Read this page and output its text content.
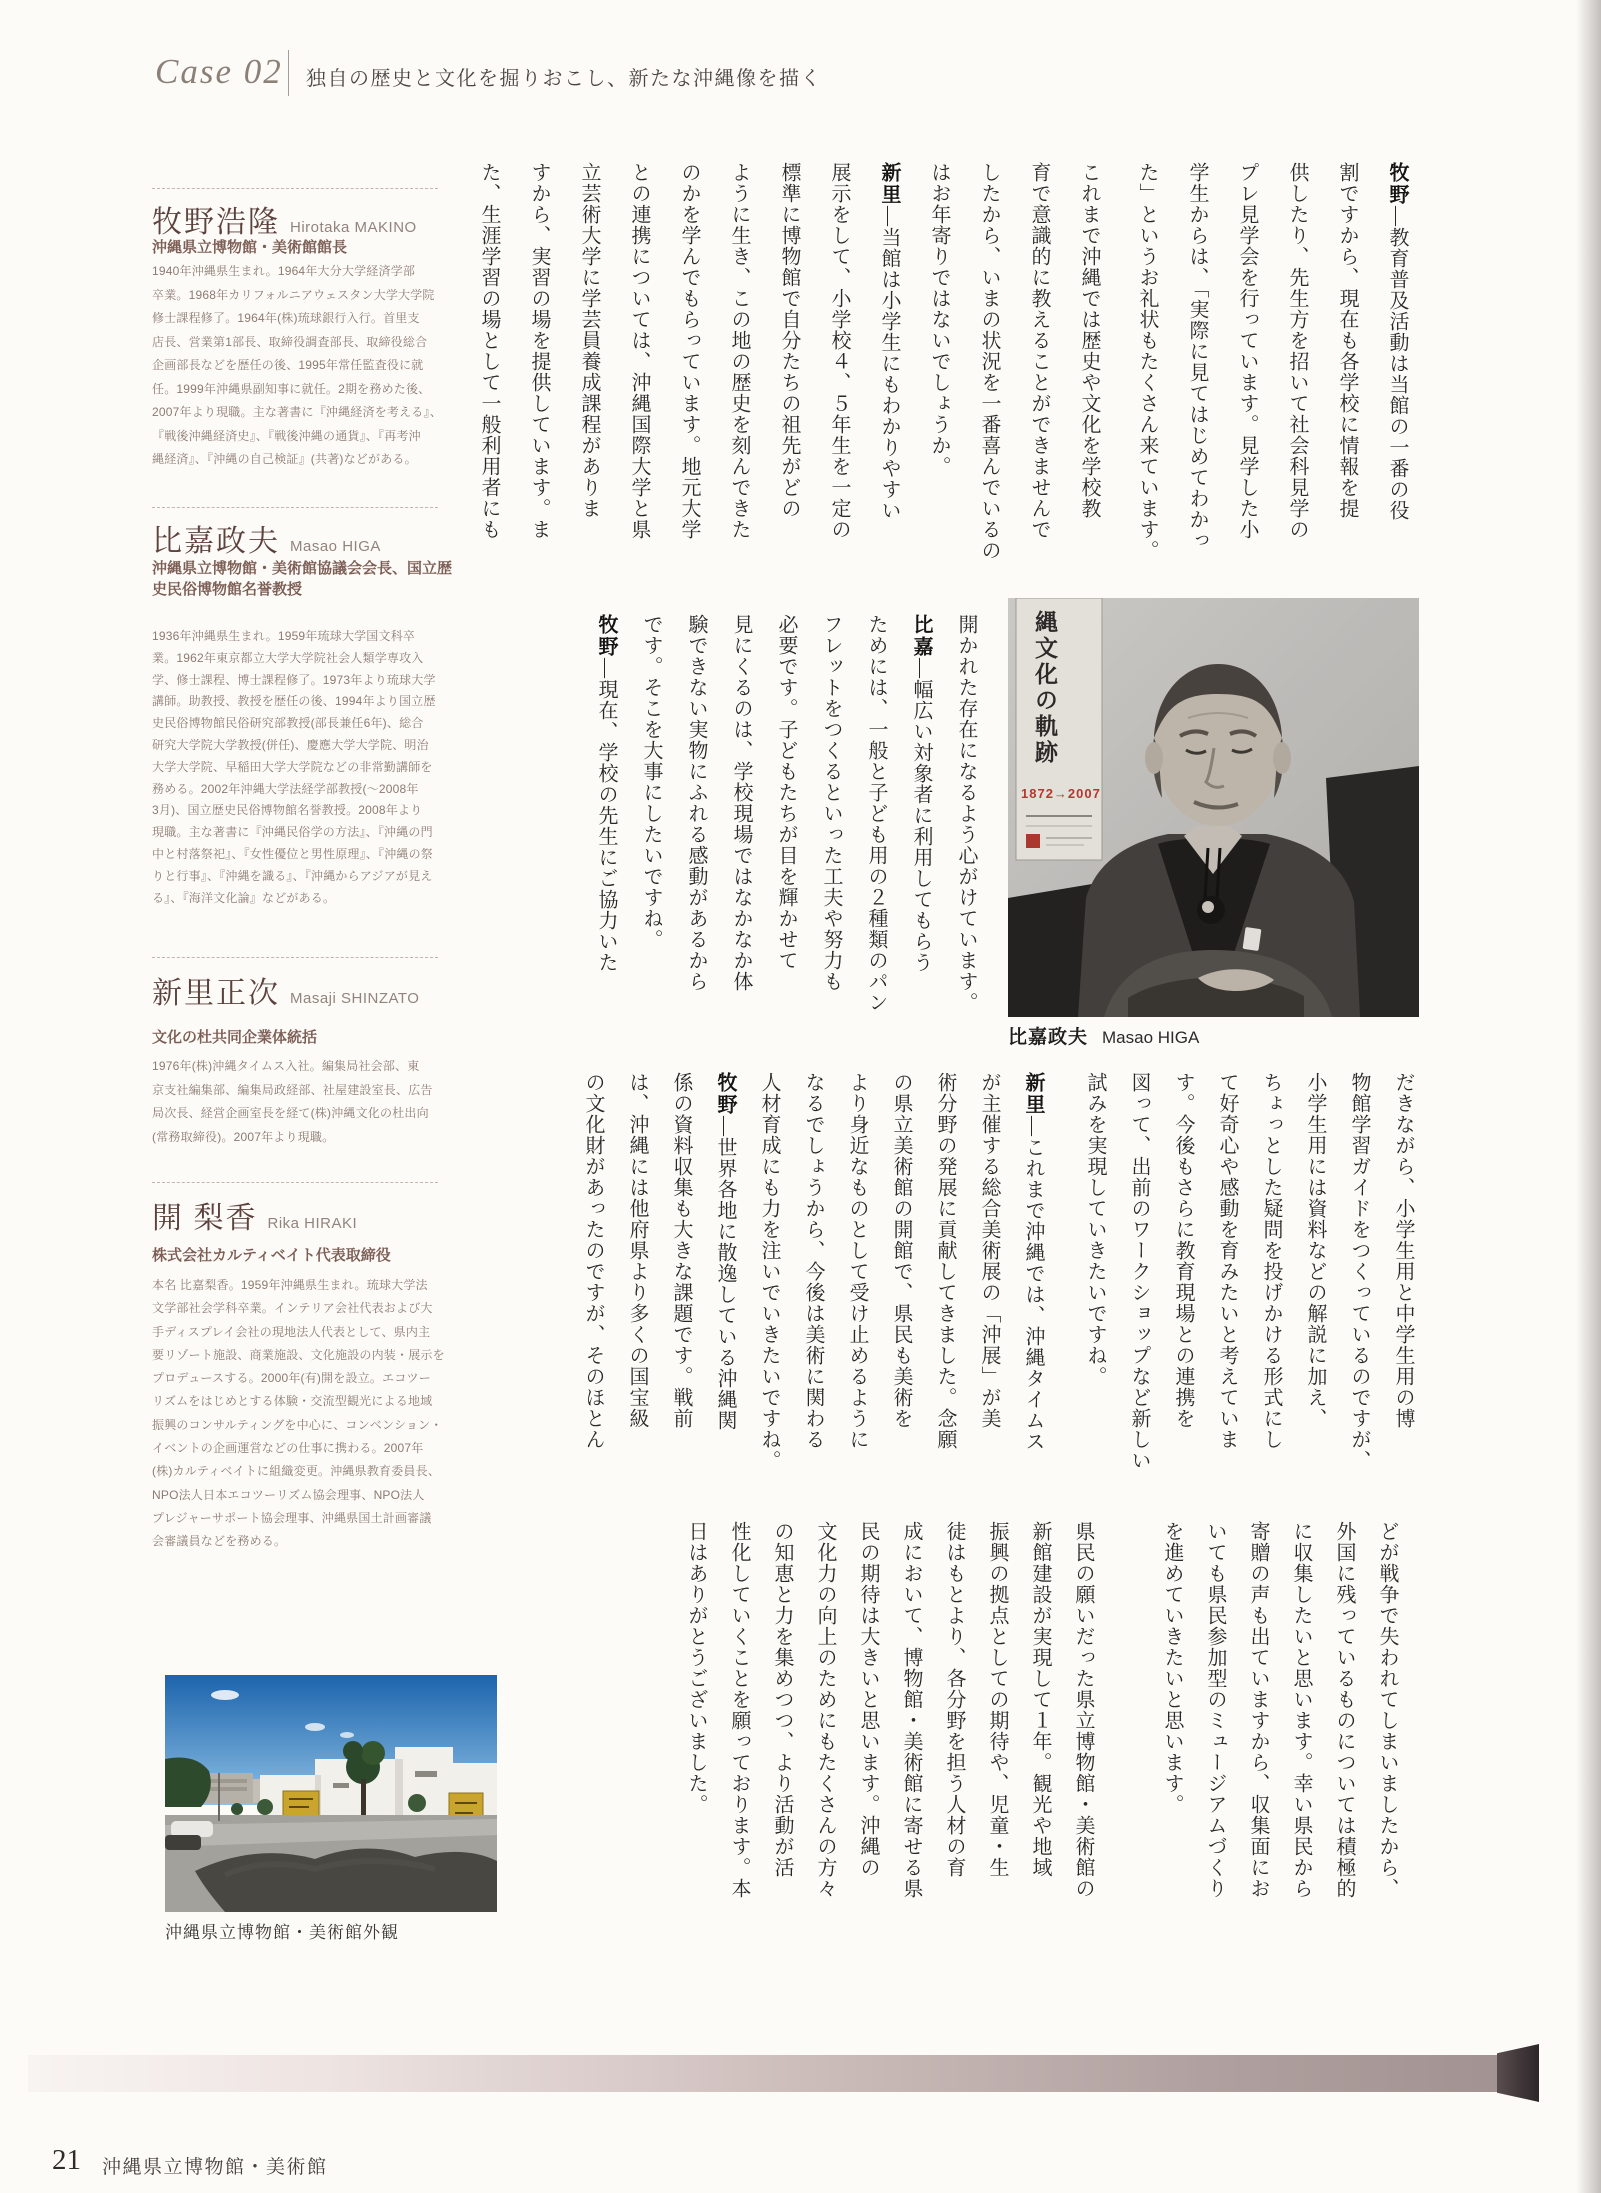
Case 02 独自の歴史と文化を掘りおこし、新たな沖縄像を描く
牧野浩隆 Hirotaka MAKINO
沖縄県立博物館・美術館館長
1940年沖縄県生まれ。1964年大分大学経済学部
卒業。1968年カリフォルニアウェスタン大学大学院
修士課程修了。1964年(株)琉球銀行入行。首里支
店長、営業第1部長、取締役調査部長、取締役総合
企画部長などを歴任の後、1995年常任監査役に就
任。1999年沖縄県副知事に就任。2期を務めた後、
2007年より現職。主な著書に『沖縄経済を考える』、
『戦後沖縄経済史』、『戦後沖縄の通貨』、『再考沖
縄経済』、『沖縄の自己検証』(共著)などがある。
比嘉政夫 Masao HIGA
沖縄県立博物館・美術館協議会会長、国立歴
史民俗博物館名誉教授
1936年沖縄県生まれ。1959年琉球大学国文科卒
業。1962年東京都立大学大学院社会人類学専攻入
学、修士課程、博士課程修了。1973年より琉球大学
講師。助教授、教授を歴任の後、1994年より国立歴
史民俗博物館民俗研究部教授(部長兼任6年)、総合
研究大学院大学教授(併任)、慶應大学大学院、明治
大学大学院、早稲田大学大学院などの非常勤講師を
務める。2002年沖縄大学法経学部教授(〜2008年
3月)、国立歴史民俗博物館名誉教授。2008年より
現職。主な著書に『沖縄民俗学の方法』、『沖縄の門
中と村落祭祀』、『女性優位と男性原理』、『沖縄の祭
りと行事』、『沖縄を識る』、『沖縄からアジアが見え
る』、『海洋文化論』などがある。
新里正次 Masaji SHINZATO
文化の杜共同企業体統括
1976年(株)沖縄タイムス入社。編集局社会部、東
京支社編集部、編集局政経部、社屋建設室長、広告
局次長、経営企画室長を経て(株)沖縄文化の杜出向
(常務取締役)。2007年より現職。
開 梨香 Rika HIRAKI
株式会社カルティベイト代表取締役
本名 比嘉梨香。1959年沖縄県生まれ。琉球大学法
文学部社会学科卒業。インテリア会社代表および大
手ディスプレイ会社の現地法人代表として、県内主
要リゾート施設、商業施設、文化施設の内装・展示を
プロデュースする。2000年(有)開を設立。エコツー
リズムをはじめとする体験・交流型観光による地域
振興のコンサルティングを中心に、コンベンション・
イベントの企画運営などの仕事に携わる。2007年
(株)カルティベイトに組織変更。沖縄県教育委員長、
NPO法人日本エコツーリズム協会理事、NPO法人
プレジャーサポート協会理事、沖縄県国土計画審議
会審議員などを務める。

牧野―教育普及活動は当館の一番の役

割ですから、現在も各学校に情報を提

供したり、先生方を招いて社会科見学の

プレ見学会を行っています。見学した小

学生からは、「実際に見てはじめてわかっ

た」というお礼状もたくさん来ています。

これまで沖縄では歴史や文化を学校教

育で意識的に教えることができませんで

したから、いまの状況を一番喜んでいるの

はお年寄りではないでしょうか。

新里―当館は小学生にもわかりやすい

展示をして、小学校４、５年生を一定の

標準に博物館で自分たちの祖先がどの

ように生き、この地の歴史を刻んできた

のかを学んでもらっています。地元大学

との連携については、沖縄国際大学と県

立芸術大学に学芸員養成課程がありま

すから、実習の場を提供しています。ま

た、生涯学習の場として一般利用者にも

開かれた存在になるよう心がけています。

比嘉―幅広い対象者に利用してもらう

ためには、一般と子ども用の２種類のパン

フレットをつくるといった工夫や努力も

必要です。子どもたちが目を輝かせて

見にくるのは、学校現場ではなかなか体

験できない実物にふれる感動があるから

です。そこを大事にしたいですね。

牧野―現在、学校の先生にご協力いた

だきながら、小学生用と中学生用の博

物館学習ガイドをつくっているのですが、

小学生用には資料などの解説に加え、

ちょっとした疑問を投げかける形式にし

て好奇心や感動を育みたいと考えていま

す。今後もさらに教育現場との連携を

図って、出前のワークショップなど新しい

試みを実現していきたいですね。

新里―これまで沖縄では、沖縄タイムス

が主催する総合美術展の「沖展」が美

術分野の発展に貢献してきました。念願

の県立美術館の開館で、県民も美術を

より身近なものとして受け止めるように

なるでしょうから、今後は美術に関わる

人材育成にも力を注いでいきたいですね。

牧野―世界各地に散逸している沖縄関

係の資料収集も大きな課題です。戦前

は、沖縄には他府県より多くの国宝級

の文化財があったのですが、そのほとん

どが戦争で失われてしまいましたから、

外国に残っているものについては積極的

に収集したいと思います。幸い県民から

寄贈の声も出ていますから、収集面にお

いても県民参加型のミュージアムづくり

を進めていきたいと思います。

県民の願いだった県立博物館・美術館の

新館建設が実現して１年。観光や地域

振興の拠点としての期待や、児童・生

徒はもとより、各分野を担う人材の育

成において、博物館・美術館に寄せる県

民の期待は大きいと思います。沖縄の

文化力の向上のためにもたくさんの方々

の知恵と力を集めつつ、より活動が活

性化していくことを願っております。本

日はありがとうございました。

縄文化の軌跡
1872→2007
比嘉政夫 Masao HIGA
沖縄県立博物館・美術館外観
21 沖縄県立博物館・美術館
